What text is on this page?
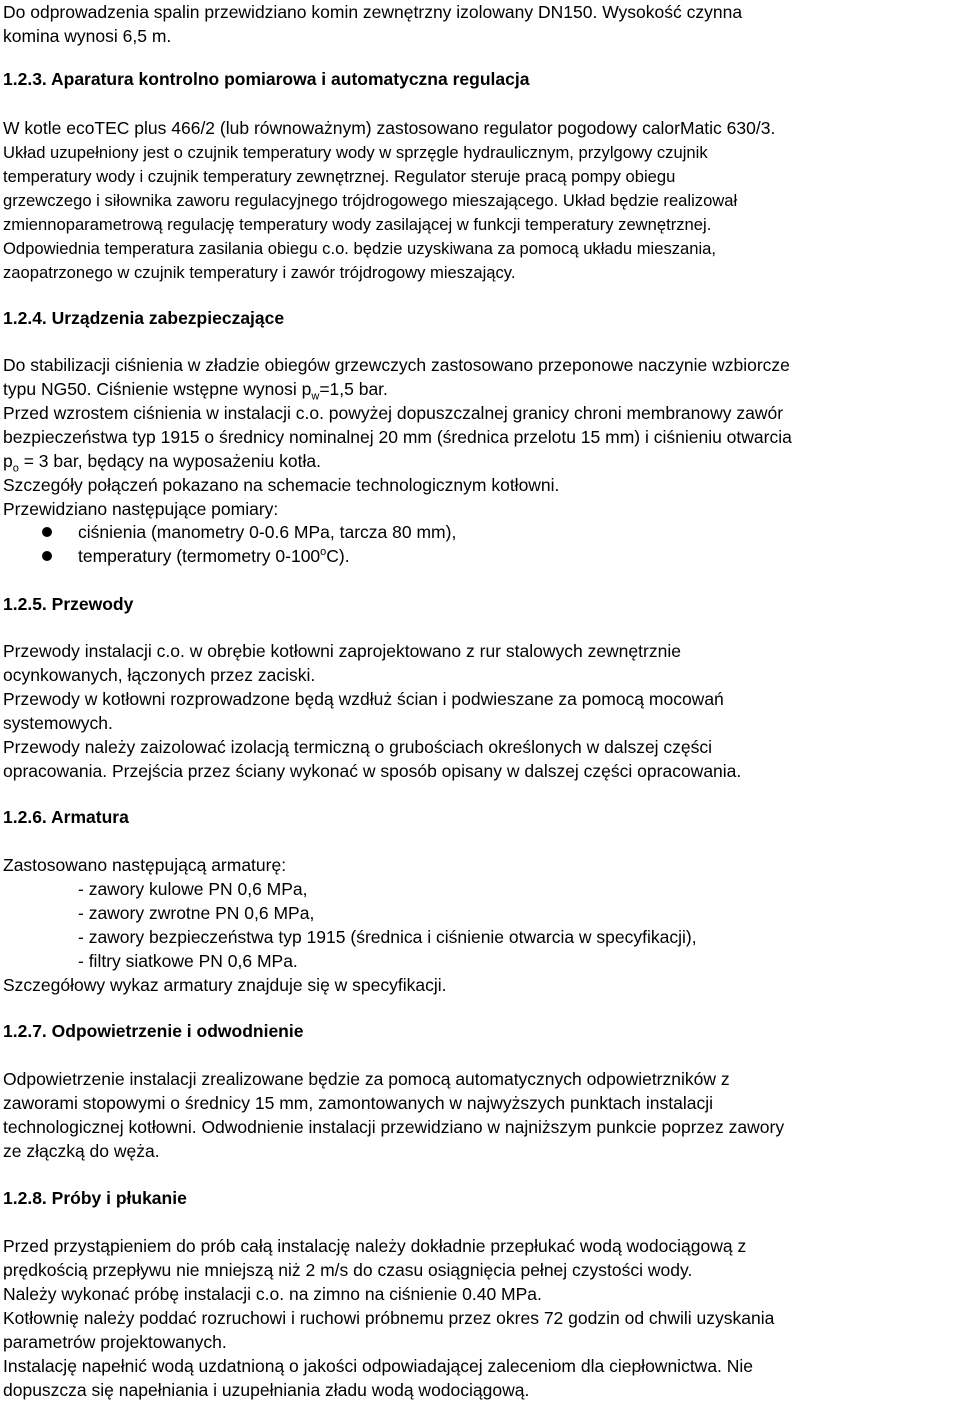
Do odprowadzenia spalin przewidziano komin zewnętrzny izolowany DN150. Wysokość czynna
komina wynosi 6,5 m.
1.2.3. Aparatura kontrolno pomiarowa i automatyczna regulacja
W kotle ecoTEC plus 466/2 (lub równoważnym) zastosowano regulator pogodowy calorMatic 630/3.
Układ uzupełniony jest o czujnik temperatury wody w sprzęgle hydraulicznym, przylgowy czujnik
temperatury wody i czujnik temperatury zewnętrznej. Regulator steruje pracą pompy obiegu
grzewczego i siłownika zaworu regulacyjnego trójdrogowego mieszającego. Układ będzie realizował
zmiennoparametrową regulację temperatury wody zasilającej w funkcji temperatury zewnętrznej.
Odpowiednia temperatura zasilania obiegu c.o. będzie uzyskiwana za pomocą układu mieszania,
zaopatrzonego w czujnik temperatury i zawór trójdrogowy mieszający.
1.2.4. Urządzenia zabezpieczające
Do stabilizacji ciśnienia w zładzie obiegów grzewczych zastosowano przeponowe naczynie wzbiorcze
typu NG50. Ciśnienie wstępne wynosi $p_w=1,5$ bar.
Przed wzrostem ciśnienia w instalacji c.o. powyżej dopuszczalnej granicy chroni membranowy zawór
bezpieczeństwa typ 1915 o średnicy nominalnej 20 mm (średnica przelotu 15 mm) i ciśnieniu otwarcia
$p_o = 3$ bar, będący na wyposażeniu kotła.
Szczegóły połączeń pokazano na schemacie technologicznym kotłowni.
Przewidziano następujące pomiary:
ciśnienia (manometry 0-0.6 MPa, tarcza 80 mm),
temperatury (termometry 0-100$^o$C).
1.2.5. Przewody
Przewody instalacji c.o. w obrębie kotłowni zaprojektowano z rur stalowych zewnętrznie
ocynkowanych, łączonych przez zaciski.
Przewody w kotłowni rozprowadzone będą wzdłuż ścian i podwieszane za pomocą mocowań
systemowych.
Przewody należy zaizolować izolacją termiczną o grubościach określonych w dalszej części
opracowania. Przejścia przez ściany wykonać w sposób opisany w dalszej części opracowania.
1.2.6. Armatura
Zastosowano następującą armaturę:
- zawory kulowe PN 0,6 MPa,
- zawory zwrotne PN 0,6 MPa,
- zawory bezpieczeństwa typ 1915 (średnica i ciśnienie otwarcia w specyfikacji),
- filtry siatkowe PN 0,6 MPa.
Szczegółowy wykaz armatury znajduje się w specyfikacji.
1.2.7. Odpowietrzenie i odwodnienie
Odpowietrzenie instalacji zrealizowane będzie za pomocą automatycznych odpowietrzników z
zaworami stopowymi o średnicy 15 mm, zamontowanych w najwyższych punktach instalacji
technologicznej kotłowni. Odwodnienie instalacji przewidziano w najniższym punkcie poprzez zawory
ze złączką do węża.
1.2.8. Próby i płukanie
Przed przystąpieniem do prób całą instalację należy dokładnie przepłukać wodą wodociągową z
prędkością przepływu nie mniejszą niż 2 m/s do czasu osiągnięcia pełnej czystości wody.
Należy wykonać próbę instalacji c.o. na zimno na ciśnienie 0.40 MPa.
Kotłownię należy poddać rozruchowi i ruchowi próbnemu przez okres 72 godzin od chwili uzyskania
parametrów projektowanych.
Instalację napełnić wodą uzdatnioną o jakości odpowiadającej zaleceniom dla ciepłownictwa. Nie
dopuszcza się napełniania i uzupełniania zładu wodą wodociągową.
